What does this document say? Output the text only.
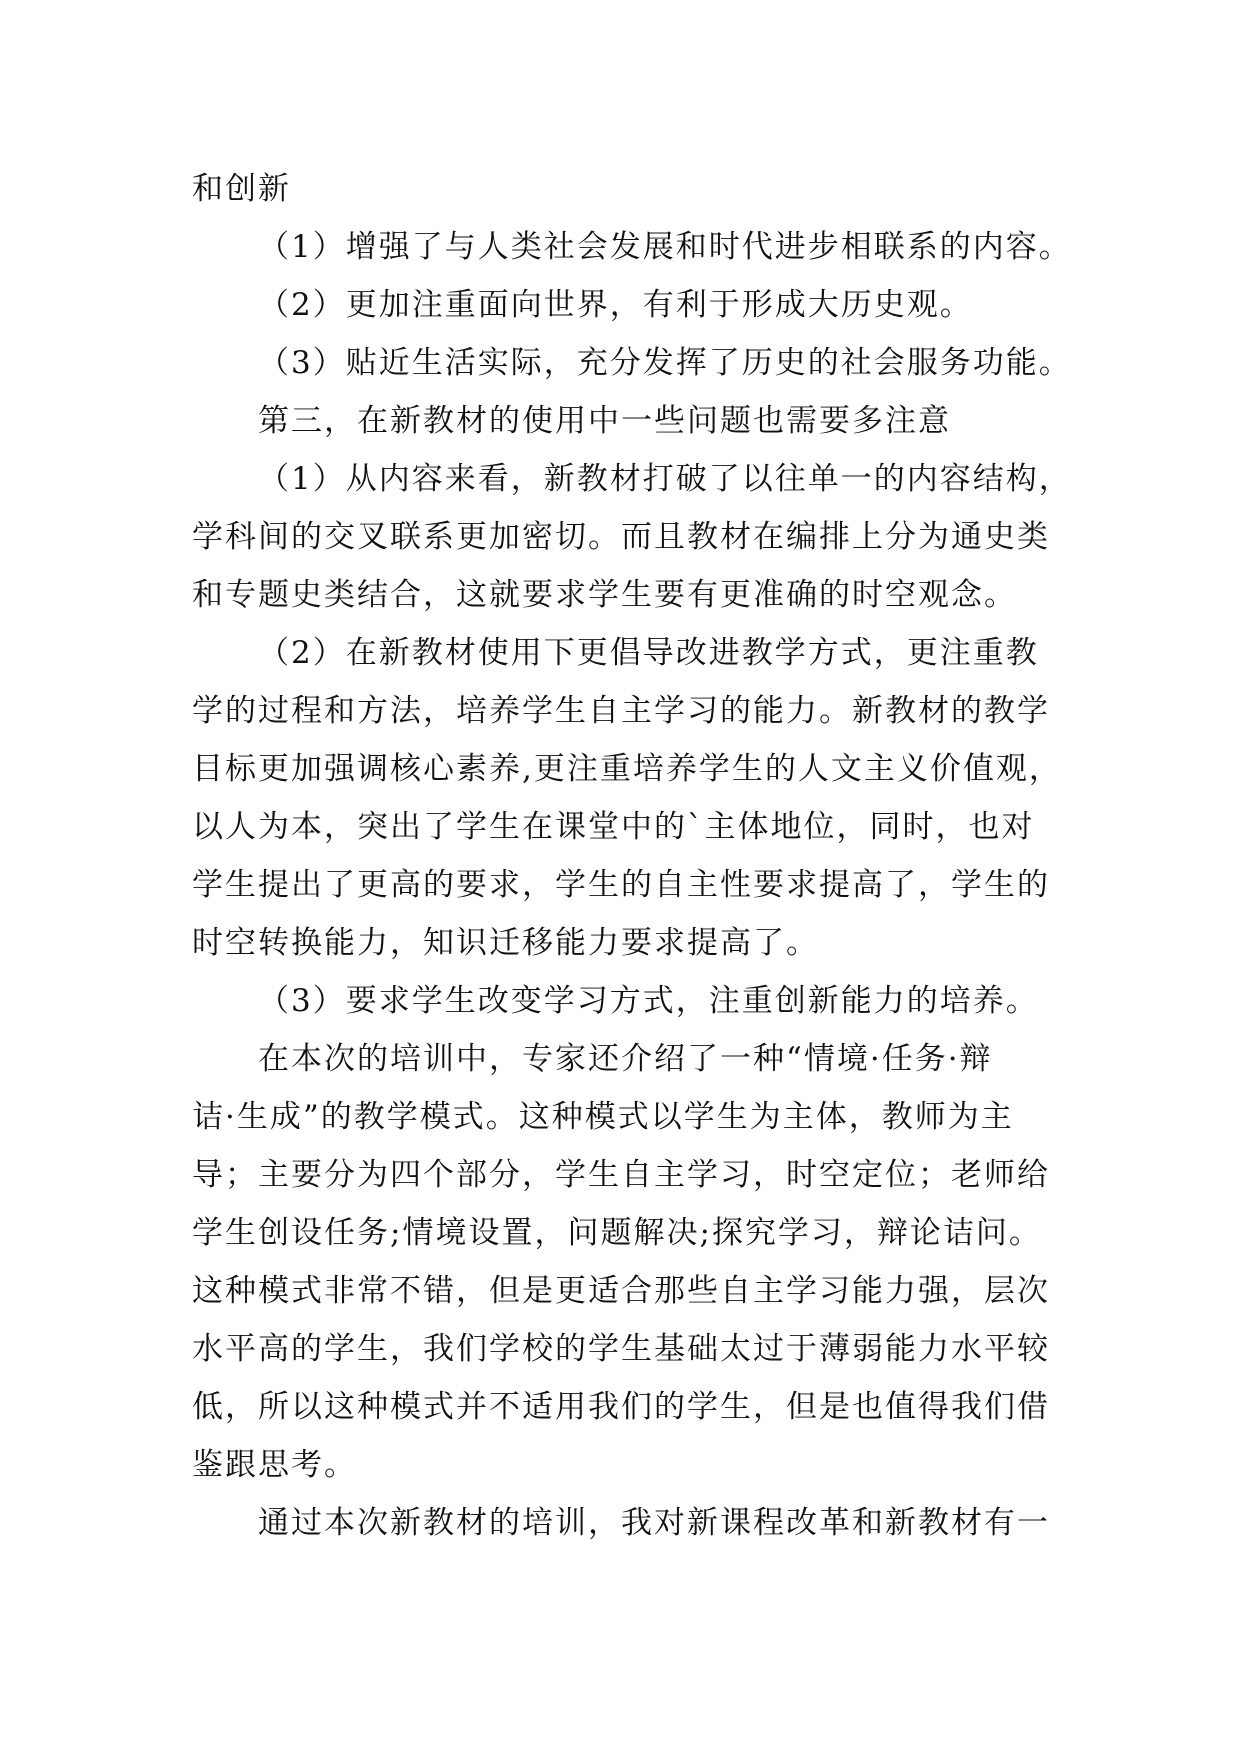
和创新
（1）增强了与人类社会发展和时代进步相联系的内容。
（2）更加注重面向世界，有利于形成大历史观。
（3）贴近生活实际，充分发挥了历史的社会服务功能。
第三，在新教材的使用中一些问题也需要多注意
（1）从内容来看，新教材打破了以往单一的内容结构，
学科间的交叉联系更加密切。而且教材在编排上分为通史类
和专题史类结合，这就要求学生要有更准确的时空观念。
（2）在新教材使用下更倡导改进教学方式，更注重教
学的过程和方法，培养学生自主学习的能力。新教材的教学
目标更加强调核心素养,更注重培养学生的人文主义价值观，
以人为本，突出了学生在课堂中的`主体地位，同时，也对
学生提出了更高的要求，学生的自主性要求提高了，学生的
时空转换能力，知识迁移能力要求提高了。
（3）要求学生改变学习方式，注重创新能力的培养。
在本次的培训中，专家还介绍了一种“情境·任务·辩
诘·生成”的教学模式。这种模式以学生为主体，教师为主
导；主要分为四个部分，学生自主学习，时空定位；老师给
学生创设任务;情境设置，问题解决;探究学习，辩论诘问。
这种模式非常不错，但是更适合那些自主学习能力强，层次
水平高的学生，我们学校的学生基础太过于薄弱能力水平较
低，所以这种模式并不适用我们的学生，但是也值得我们借
鉴跟思考。
通过本次新教材的培训，我对新课程改革和新教材有一
